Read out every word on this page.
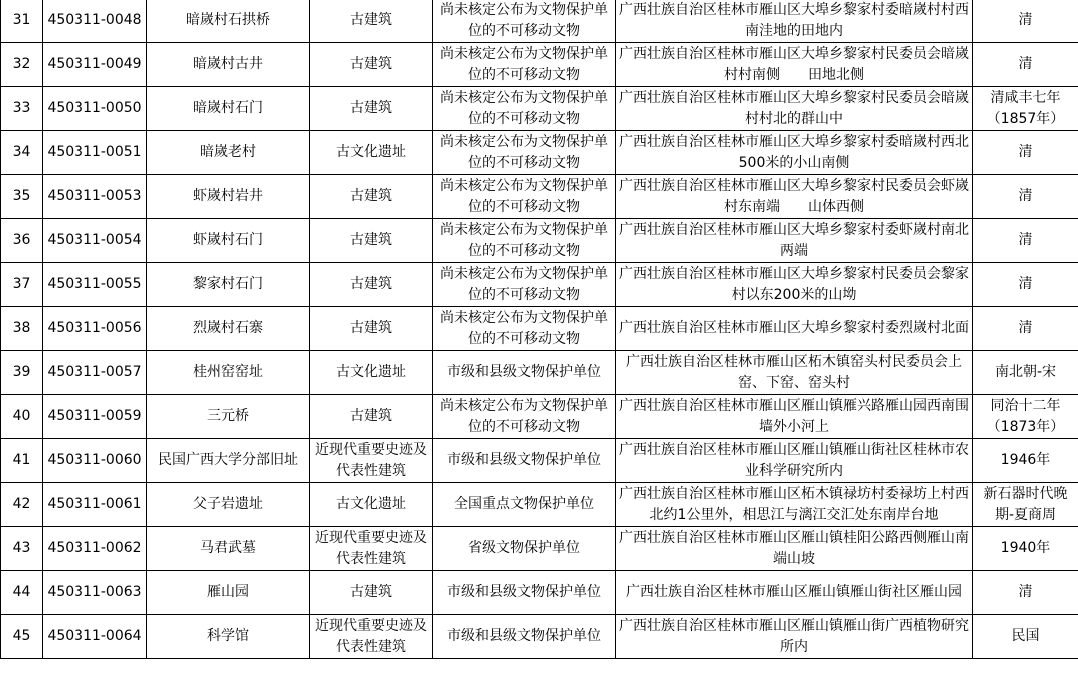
31	450311-0048	暗嵗村石拱桥	古建筑	尚未核定公布为文物保护单位的不可移动文物	广西壮族自治区桂林市雁山区大埠乡黎家村委暗嵗村村西南洼地的田地内	清
32	450311-0049	暗嵗村古井	古建筑	尚未核定公布为文物保护单位的不可移动文物	广西壮族自治区桂林市雁山区大埠乡黎家村民委员会暗嵗村村南侧　　田地北侧	清
33	450311-0050	暗嵗村石门	古建筑	尚未核定公布为文物保护单位的不可移动文物	广西壮族自治区桂林市雁山区大埠乡黎家村民委员会暗嵗村村北的群山中	清咸丰七年（1857年）
34	450311-0051	暗嵗老村	古文化遗址	尚未核定公布为文物保护单位的不可移动文物	广西壮族自治区桂林市雁山区大埠乡黎家村委暗嵗村西北500米的小山南侧	清
35	450311-0053	虾嵗村岩井	古建筑	尚未核定公布为文物保护单位的不可移动文物	广西壮族自治区桂林市雁山区大埠乡黎家村民委员会虾嵗村东南端　　山体西侧	清
36	450311-0054	虾嵗村石门	古建筑	尚未核定公布为文物保护单位的不可移动文物	广西壮族自治区桂林市雁山区大埠乡黎家村委虾嵗村南北两端	清
37	450311-0055	黎家村石门	古建筑	尚未核定公布为文物保护单位的不可移动文物	广西壮族自治区桂林市雁山区大埠乡黎家村民委员会黎家村以东200米的山坳	清
38	450311-0056	烈嵗村石寨	古建筑	尚未核定公布为文物保护单位的不可移动文物	广西壮族自治区桂林市雁山区大埠乡黎家村委烈嵗村北面	清
39	450311-0057	桂州窑窑址	古文化遗址	市级和县级文物保护单位	广西壮族自治区桂林市雁山区柘木镇窑头村民委员会上窑、下窑、窑头村	南北朝-宋
40	450311-0059	三元桥	古建筑	尚未核定公布为文物保护单位的不可移动文物	广西壮族自治区桂林市雁山区雁山镇雁兴路雁山园西南围墙外小河上	同治十二年（1873年）
41	450311-0060	民国广西大学分部旧址	近现代重要史迹及代表性建筑	市级和县级文物保护单位	广西壮族自治区桂林市雁山区雁山镇雁山街社区桂林市农业科学研究所内	1946年
42	450311-0061	父子岩遗址	古文化遗址	全国重点文物保护单位	广西壮族自治区桂林市雁山区柘木镇禄坊村委禄坊上村西北约1公里外，相思江与漓江交汇处东南岸台地	新石器时代晚期-夏商周
43	450311-0062	马君武墓	近现代重要史迹及代表性建筑	省级文物保护单位	广西壮族自治区桂林市雁山区雁山镇桂阳公路西侧雁山南端山坡	1940年
44	450311-0063	雁山园	古建筑	市级和县级文物保护单位	广西壮族自治区桂林市雁山区雁山镇雁山街社区雁山园	清
45	450311-0064	科学馆	近现代重要史迹及代表性建筑	市级和县级文物保护单位	广西壮族自治区桂林市雁山区雁山镇雁山街广西植物研究所内	民国
